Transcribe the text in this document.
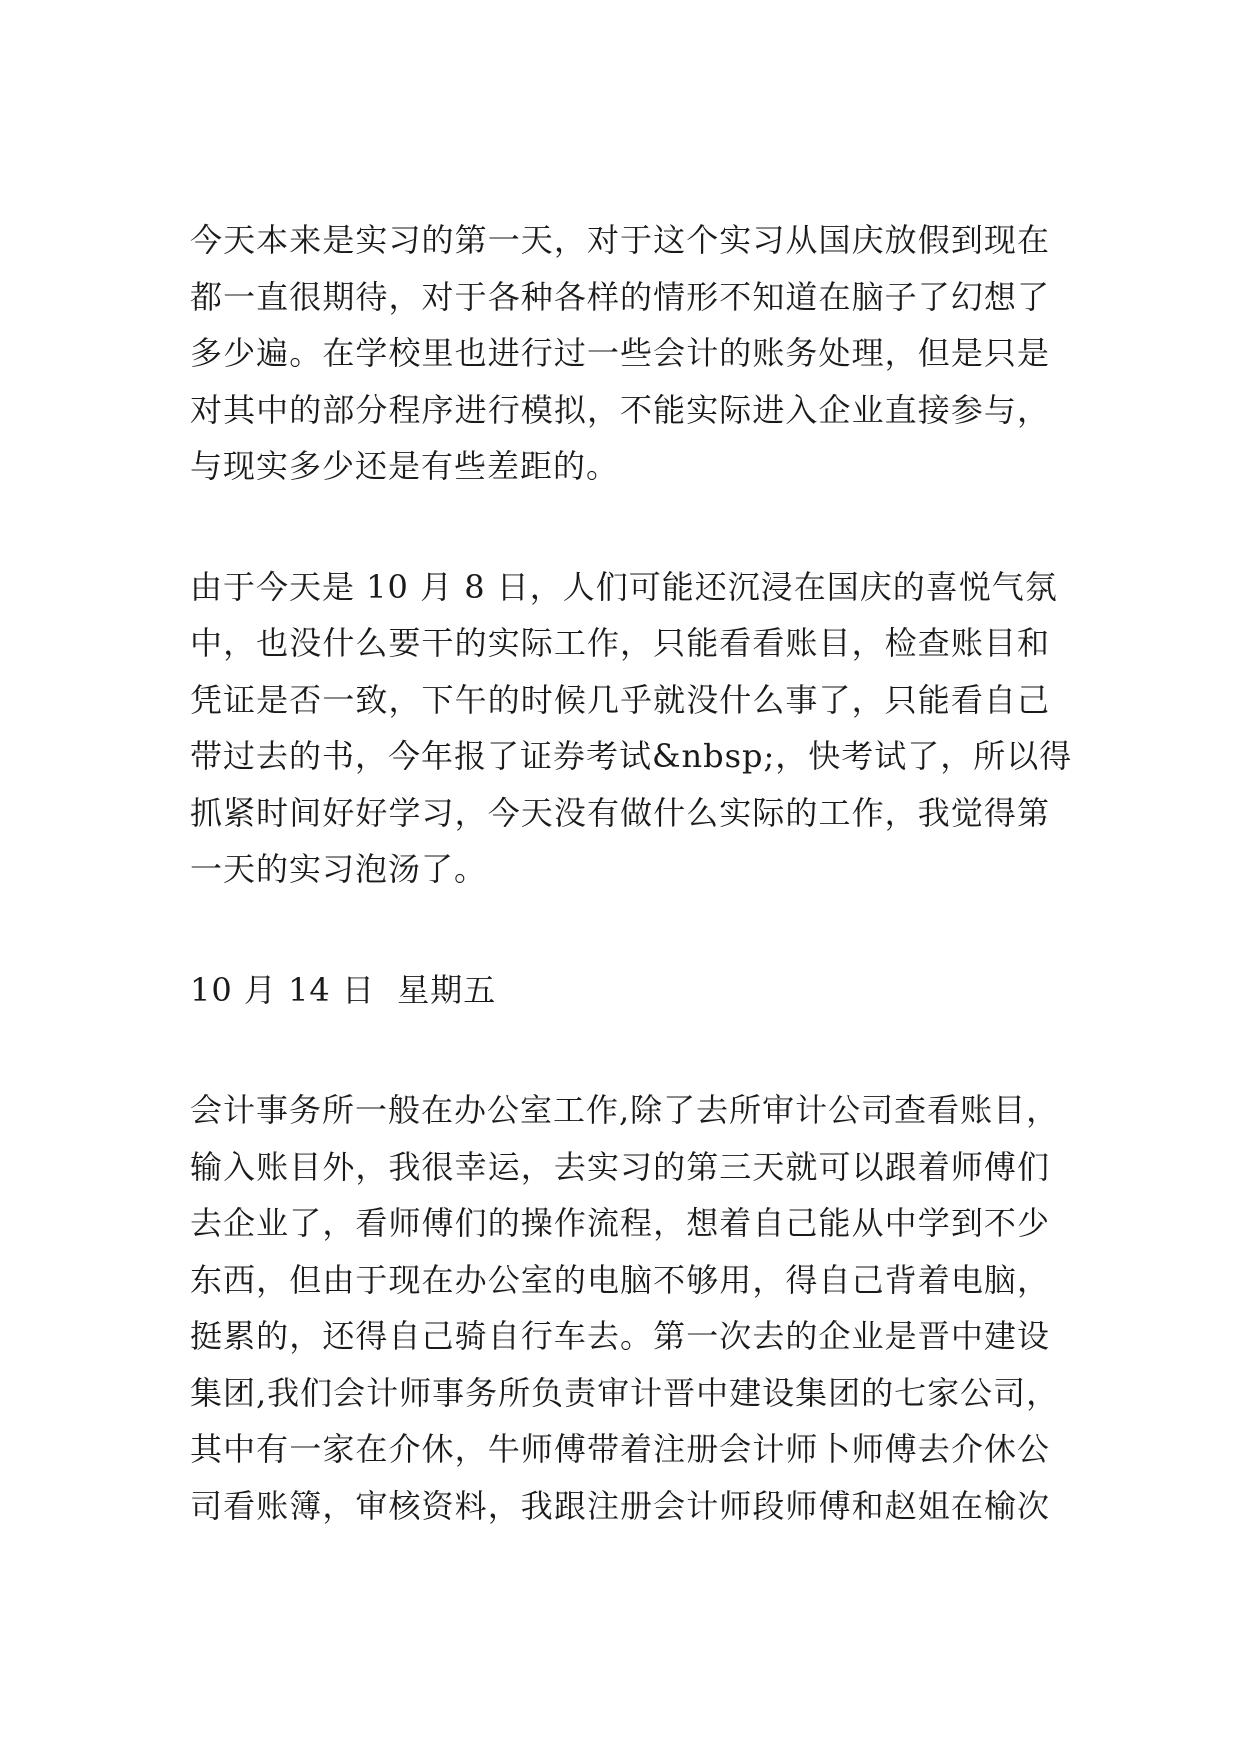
今天本来是实习的第一天，对于这个实习从国庆放假到现在
都一直很期待，对于各种各样的情形不知道在脑子了幻想了
多少遍。在学校里也进行过一些会计的账务处理，但是只是
对其中的部分程序进行模拟，不能实际进入企业直接参与，
与现实多少还是有些差距的。

由于今天是 10 月 8 日，人们可能还沉浸在国庆的喜悦气氛
中，也没什么要干的实际工作，只能看看账目，检查账目和
凭证是否一致，下午的时候几乎就没什么事了，只能看自己
带过去的书，今年报了证券考试&nbsp;，快考试了，所以得
抓紧时间好好学习，今天没有做什么实际的工作，我觉得第
一天的实习泡汤了。

10 月 14 日  星期五

会计事务所一般在办公室工作,除了去所审计公司查看账目，
输入账目外，我很幸运，去实习的第三天就可以跟着师傅们
去企业了，看师傅们的操作流程，想着自己能从中学到不少
东西，但由于现在办公室的电脑不够用，得自己背着电脑，
挺累的，还得自己骑自行车去。第一次去的企业是晋中建设
集团,我们会计师事务所负责审计晋中建设集团的七家公司，
其中有一家在介休，牛师傅带着注册会计师卜师傅去介休公
司看账簿，审核资料，我跟注册会计师段师傅和赵姐在榆次
